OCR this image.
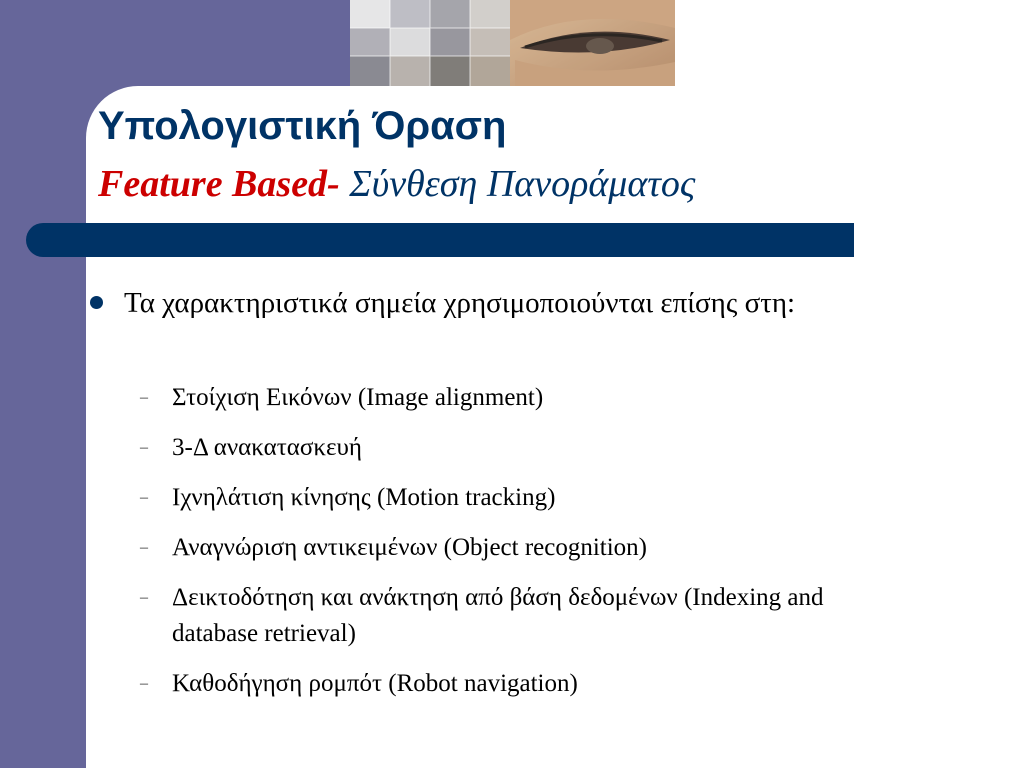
Υπολογιστική Όραση
Feature Based- Σύνθεση Πανοράματος
Τα χαρακτηριστικά σημεία χρησιμοποιούνται επίσης στη:
– Στοίχιση Εικόνων (Image alignment)
– 3-Δ ανακατασκευή
– Ιχνηλάτιση κίνησης (Motion tracking)
– Αναγνώριση αντικειμένων (Object recognition)
– Δεικτοδότηση και ανάκτηση από βάση δεδομένων (Indexing and database retrieval)
– Καθοδήγηση ρομπότ (Robot navigation)
